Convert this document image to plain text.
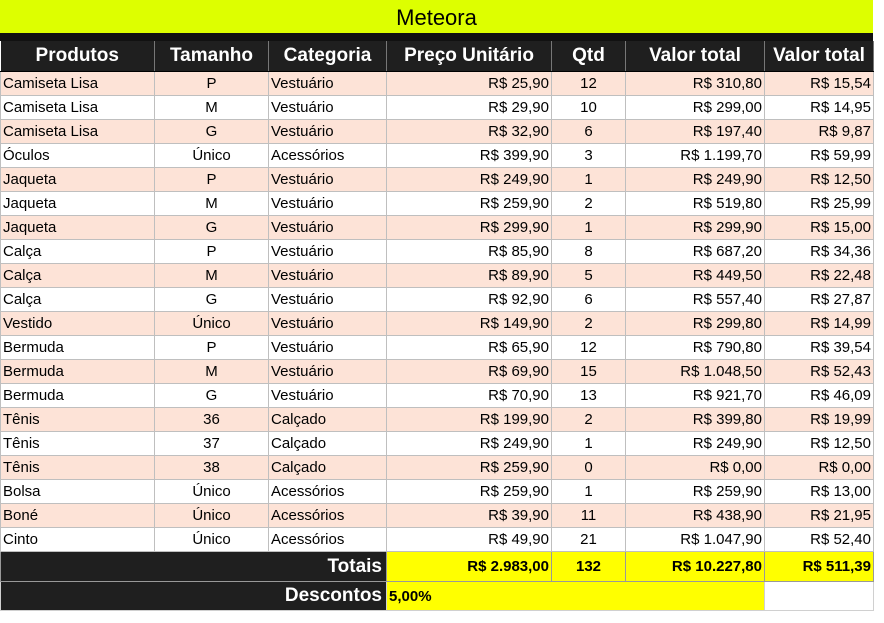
Meteora
Produtos	Tamanho	Categoria	Preço Unitário	Qtd	Valor total	Valor total
Camiseta Lisa	P	Vestuário	R$ 25,90	12	R$ 310,80	R$ 15,54
Camiseta Lisa	M	Vestuário	R$ 29,90	10	R$ 299,00	R$ 14,95
Camiseta Lisa	G	Vestuário	R$ 32,90	6	R$ 197,40	R$ 9,87
Óculos	Único	Acessórios	R$ 399,90	3	R$ 1.199,70	R$ 59,99
Jaqueta	P	Vestuário	R$ 249,90	1	R$ 249,90	R$ 12,50
Jaqueta	M	Vestuário	R$ 259,90	2	R$ 519,80	R$ 25,99
Jaqueta	G	Vestuário	R$ 299,90	1	R$ 299,90	R$ 15,00
Calça	P	Vestuário	R$ 85,90	8	R$ 687,20	R$ 34,36
Calça	M	Vestuário	R$ 89,90	5	R$ 449,50	R$ 22,48
Calça	G	Vestuário	R$ 92,90	6	R$ 557,40	R$ 27,87
Vestido	Único	Vestuário	R$ 149,90	2	R$ 299,80	R$ 14,99
Bermuda	P	Vestuário	R$ 65,90	12	R$ 790,80	R$ 39,54
Bermuda	M	Vestuário	R$ 69,90	15	R$ 1.048,50	R$ 52,43
Bermuda	G	Vestuário	R$ 70,90	13	R$ 921,70	R$ 46,09
Tênis	36	Calçado	R$ 199,90	2	R$ 399,80	R$ 19,99
Tênis	37	Calçado	R$ 249,90	1	R$ 249,90	R$ 12,50
Tênis	38	Calçado	R$ 259,90	0	R$ 0,00	R$ 0,00
Bolsa	Único	Acessórios	R$ 259,90	1	R$ 259,90	R$ 13,00
Boné	Único	Acessórios	R$ 39,90	11	R$ 438,90	R$ 21,95
Cinto	Único	Acessórios	R$ 49,90	21	R$ 1.047,90	R$ 52,40
Totais			R$ 2.983,00	132	R$ 10.227,80	R$ 511,39
Descontos			5,00%			
